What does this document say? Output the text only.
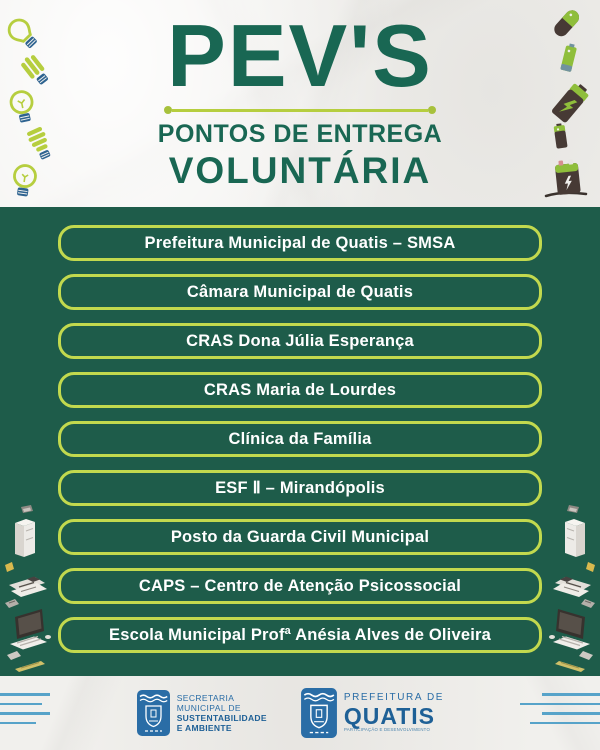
PEV'S
PONTOS DE ENTREGA
VOLUNTÁRIA
Prefeitura Municipal de Quatis – SMSA
Câmara Municipal de Quatis
CRAS Dona Júlia Esperança
CRAS Maria de Lourdes
Clínica da Família
ESF Ⅱ – Mirandópolis
Posto da Guarda Civil Municipal
CAPS – Centro de Atenção Psicossocial
Escola Municipal Profª Anésia Alves de Oliveira
SECRETARIA
MUNICIPAL DE
SUSTENTABILIDADE
E AMBIENTE
PREFEITURA DE
QUATIS
PARTICIPAÇÃO E DESENVOLVIMENTO
